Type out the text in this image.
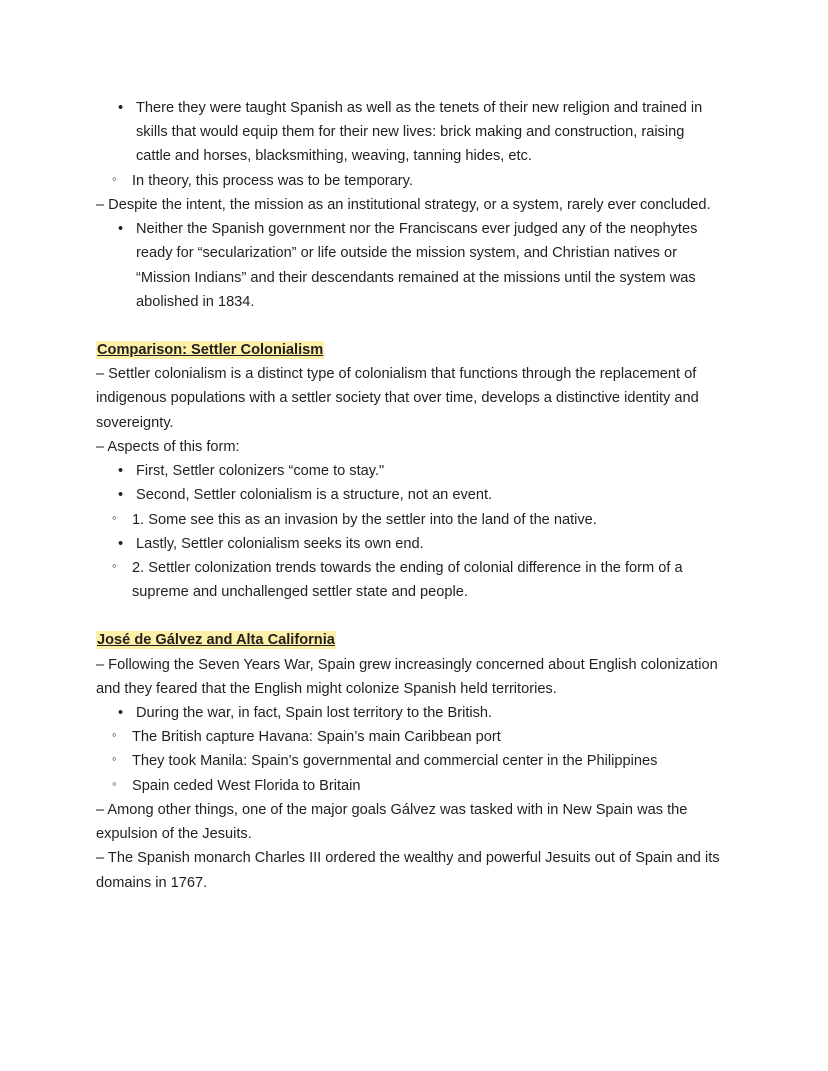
• There they were taught Spanish as well as the tenets of their new religion and trained in skills that would equip them for their new lives: brick making and construction, raising cattle and horses, blacksmithing, weaving, tanning hides, etc.
◦ In theory, this process was to be temporary.

– Despite the intent, the mission as an institutional strategy, or a system, rarely ever concluded.

• Neither the Spanish government nor the Franciscans ever judged any of the neophytes ready for “secularization” or life outside the mission system, and Christian natives or “Mission Indians” and their descendants remained at the missions until the system was abolished in 1834.

Comparison: Settler Colonialism

– Settler colonialism is a distinct type of colonialism that functions through the replacement of indigenous populations with a settler society that over time, develops a distinctive identity and sovereignty.

– Aspects of this form:

• First, Settler colonizers “come to stay."
• Second, Settler colonialism is a structure, not an event.
◦ 1. Some see this as an invasion by the settler into the land of the native.
• Lastly, Settler colonialism seeks its own end.
◦ 2. Settler colonization trends towards the ending of colonial difference in the form of a supreme and unchallenged settler state and people.

José de Gálvez and Alta California

– Following the Seven Years War, Spain grew increasingly concerned about English colonization and they feared that the English might colonize Spanish held territories.

• During the war, in fact, Spain lost territory to the British.
◦ The British capture Havana: Spain’s main Caribbean port
◦ They took Manila: Spain’s governmental and commercial center in the Philippines
◦ Spain ceded West Florida to Britain

– Among other things, one of the major goals Gálvez was tasked with in New Spain was the expulsion of the Jesuits.

– The Spanish monarch Charles III ordered the wealthy and powerful Jesuits out of Spain and its domains in 1767.
